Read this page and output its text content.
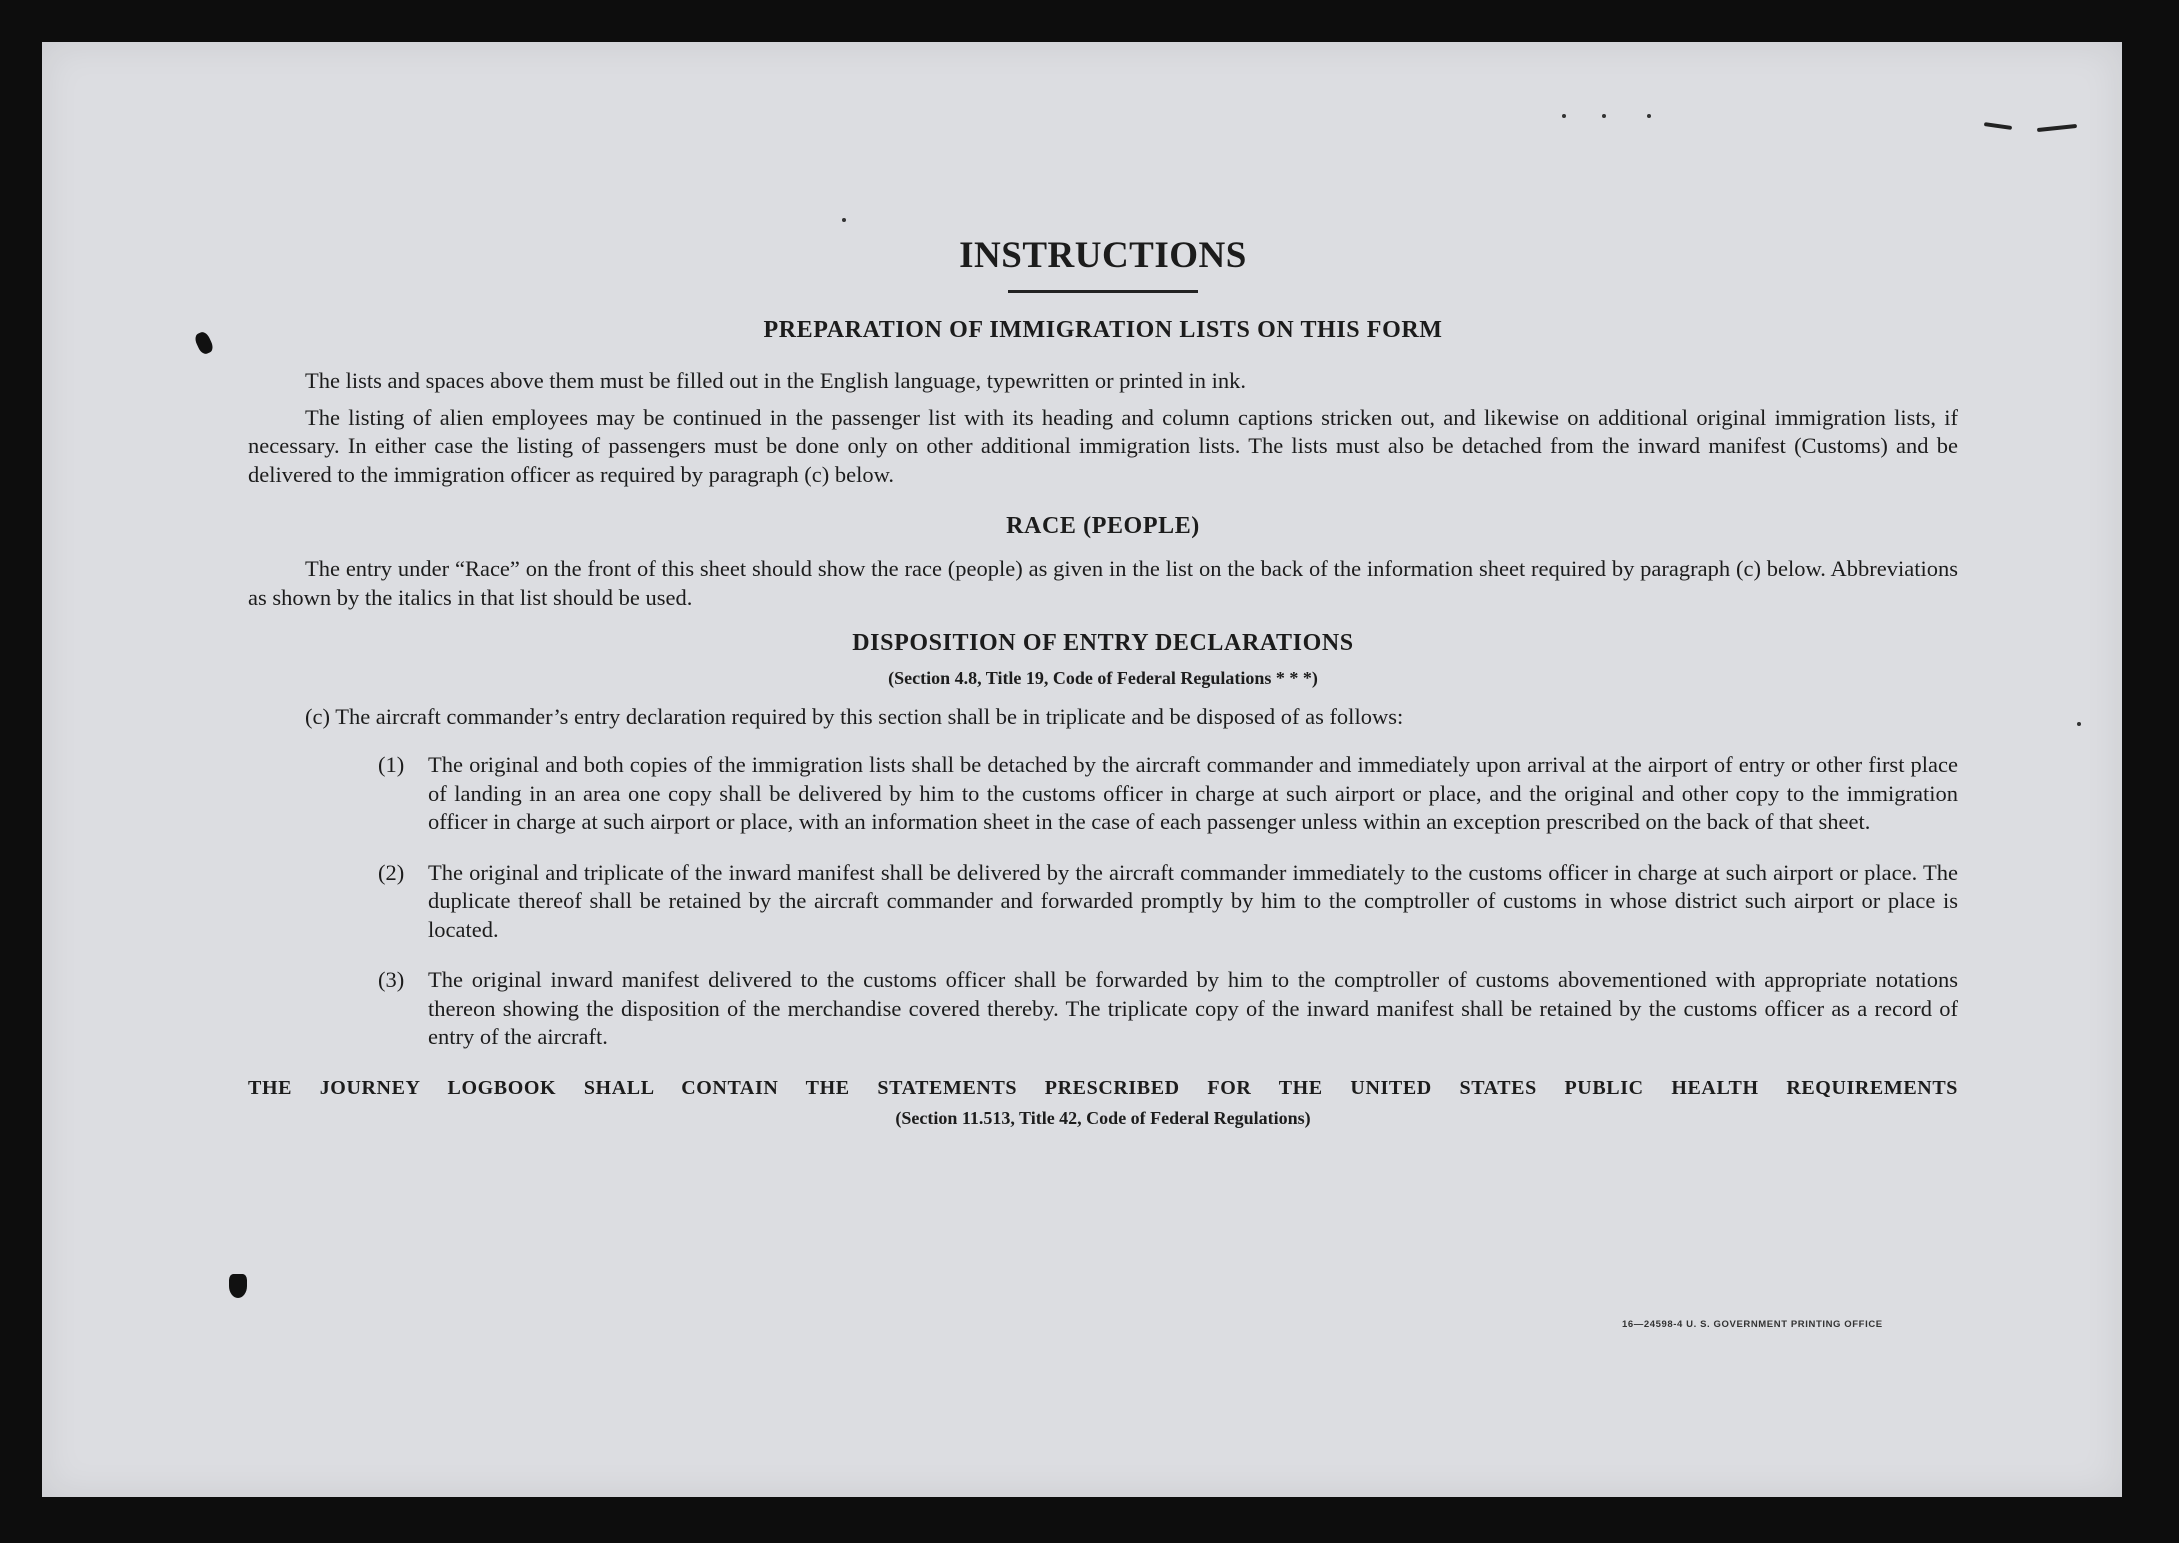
16—24598-4 U. S. GOVERNMENT PRINTING OFFICE
INSTRUCTIONS
PREPARATION OF IMMIGRATION LISTS ON THIS FORM

The lists and spaces above them must be filled out in the English language, typewritten or printed in ink.

The listing of alien employees may be continued in the passenger list with its heading and column captions stricken out, and likewise on additional original immigration lists, if necessary. In either case the listing of passengers must be done only on other additional immigration lists. The lists must also be detached from the inward manifest (Customs) and be delivered to the immigration officer as required by paragraph (c) below.

RACE (PEOPLE)

The entry under “Race” on the front of this sheet should show the race (people) as given in the list on the back of the information sheet required by paragraph (c) below. Abbreviations as shown by the italics in that list should be used.

DISPOSITION OF ENTRY DECLARATIONS
(Section 4.8, Title 19, Code of Federal Regulations * * *)
(c) The aircraft commander’s entry declaration required by this section shall be in triplicate and be disposed of as follows:
(1) The original and both copies of the immigration lists shall be detached by the aircraft commander and immediately upon arrival at the airport of entry or other first place of landing in an area one copy shall be delivered by him to the customs officer in charge at such airport or place, and the original and other copy to the immigration officer in charge at such airport or place, with an information sheet in the case of each passenger unless within an exception prescribed on the back of that sheet.
(2) The original and triplicate of the inward manifest shall be delivered by the aircraft commander immediately to the customs officer in charge at such airport or place. The duplicate thereof shall be retained by the aircraft commander and forwarded promptly by him to the comptroller of customs in whose district such airport or place is located.
(3) The original inward manifest delivered to the customs officer shall be forwarded by him to the comptroller of customs abovementioned with appropriate notations thereon showing the disposition of the merchandise covered thereby. The triplicate copy of the inward manifest shall be retained by the customs officer as a record of entry of the aircraft.
THE JOURNEY LOGBOOK SHALL CONTAIN THE STATEMENTS PRESCRIBED FOR THE UNITED STATES PUBLIC HEALTH REQUIREMENTS
(Section 11.513, Title 42, Code of Federal Regulations)
